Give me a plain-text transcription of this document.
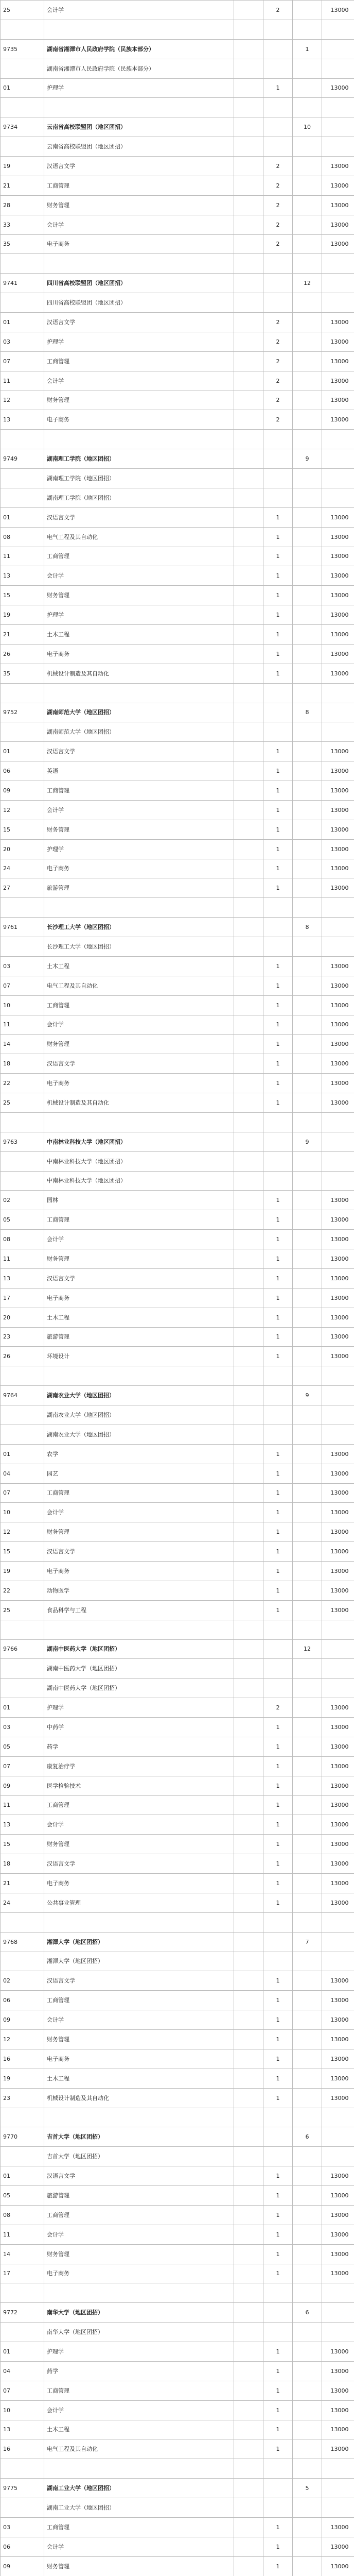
25	会计学		2		13000

9735	湖南省湘潭市人民政府学院（民族本部分）			1	
	湖南省湘潭市人民政府学院（民族本部分）				
01	护理学		1		13000

9734	云南省高校联盟团（地区团招）			10	
	云南省高校联盟团（地区团招）				
19	汉语言文学		2		13000
21	工商管理		2		13000
28	财务管理		2		13000
33	会计学		2		13000
35	电子商务		2		13000

9741	四川省高校联盟团（地区团招）			12	
	四川省高校联盟团（地区团招）				
01	汉语言文学		2		13000
03	护理学		2		13000
07	工商管理		2		13000
11	会计学		2		13000
12	财务管理		2		13000
13	电子商务		2		13000

9749	湖南理工学院（地区团招）			9	
	湖南理工学院（地区团招）				
	湖南理工学院（地区团招）				
01	汉语言文学		1		13000
08	电气工程及其自动化		1		13000
11	工商管理		1		13000
13	会计学		1		13000
15	财务管理		1		13000
19	护理学		1		13000
21	土木工程		1		13000
26	电子商务		1		13000
35	机械设计制造及其自动化		1		13000

9752	湖南师范大学（地区团招）			8	
	湖南师范大学（地区团招）				
01	汉语言文学		1		13000
06	英语		1		13000
09	工商管理		1		13000
12	会计学		1		13000
15	财务管理		1		13000
20	护理学		1		13000
24	电子商务		1		13000
27	旅游管理		1		13000

9761	长沙理工大学（地区团招）			8	
	长沙理工大学（地区团招）				
03	土木工程		1		13000
07	电气工程及其自动化		1		13000
10	工商管理		1		13000
11	会计学		1		13000
14	财务管理		1		13000
18	汉语言文学		1		13000
22	电子商务		1		13000
25	机械设计制造及其自动化		1		13000

9763	中南林业科技大学（地区团招）			9	
	中南林业科技大学（地区团招）				
	中南林业科技大学（地区团招）				
02	园林		1		13000
05	工商管理		1		13000
08	会计学		1		13000
11	财务管理		1		13000
13	汉语言文学		1		13000
17	电子商务		1		13000
20	土木工程		1		13000
23	旅游管理		1		13000
26	环境设计		1		13000

9764	湖南农业大学（地区团招）			9	
	湖南农业大学（地区团招）				
	湖南农业大学（地区团招）				
01	农学		1		13000
04	园艺		1		13000
07	工商管理		1		13000
10	会计学		1		13000
12	财务管理		1		13000
15	汉语言文学		1		13000
19	电子商务		1		13000
22	动物医学		1		13000
25	食品科学与工程		1		13000

9766	湖南中医药大学（地区团招）			12	
	湖南中医药大学（地区团招）				
	湖南中医药大学（地区团招）				
01	护理学		2		13000
03	中药学		1		13000
05	药学		1		13000
07	康复治疗学		1		13000
09	医学检验技术		1		13000
11	工商管理		1		13000
13	会计学		1		13000
15	财务管理		1		13000
18	汉语言文学		1		13000
21	电子商务		1		13000
24	公共事业管理		1		13000

9768	湘潭大学（地区团招）			7	
	湘潭大学（地区团招）				
02	汉语言文学		1		13000
06	工商管理		1		13000
09	会计学		1		13000
12	财务管理		1		13000
16	电子商务		1		13000
19	土木工程		1		13000
23	机械设计制造及其自动化		1		13000

9770	吉首大学（地区团招）			6	
	吉首大学（地区团招）				
01	汉语言文学		1		13000
05	旅游管理		1		13000
08	工商管理		1		13000
11	会计学		1		13000
14	财务管理		1		13000
17	电子商务		1		13000

9772	南华大学（地区团招）			6	
	南华大学（地区团招）				
01	护理学		1		13000
04	药学		1		13000
07	工商管理		1		13000
10	会计学		1		13000
13	土木工程		1		13000
16	电气工程及其自动化		1		13000

9775	湖南工业大学（地区团招）			5	
	湖南工业大学（地区团招）				
03	工商管理		1		13000
06	会计学		1		13000
09	财务管理		1		13000
